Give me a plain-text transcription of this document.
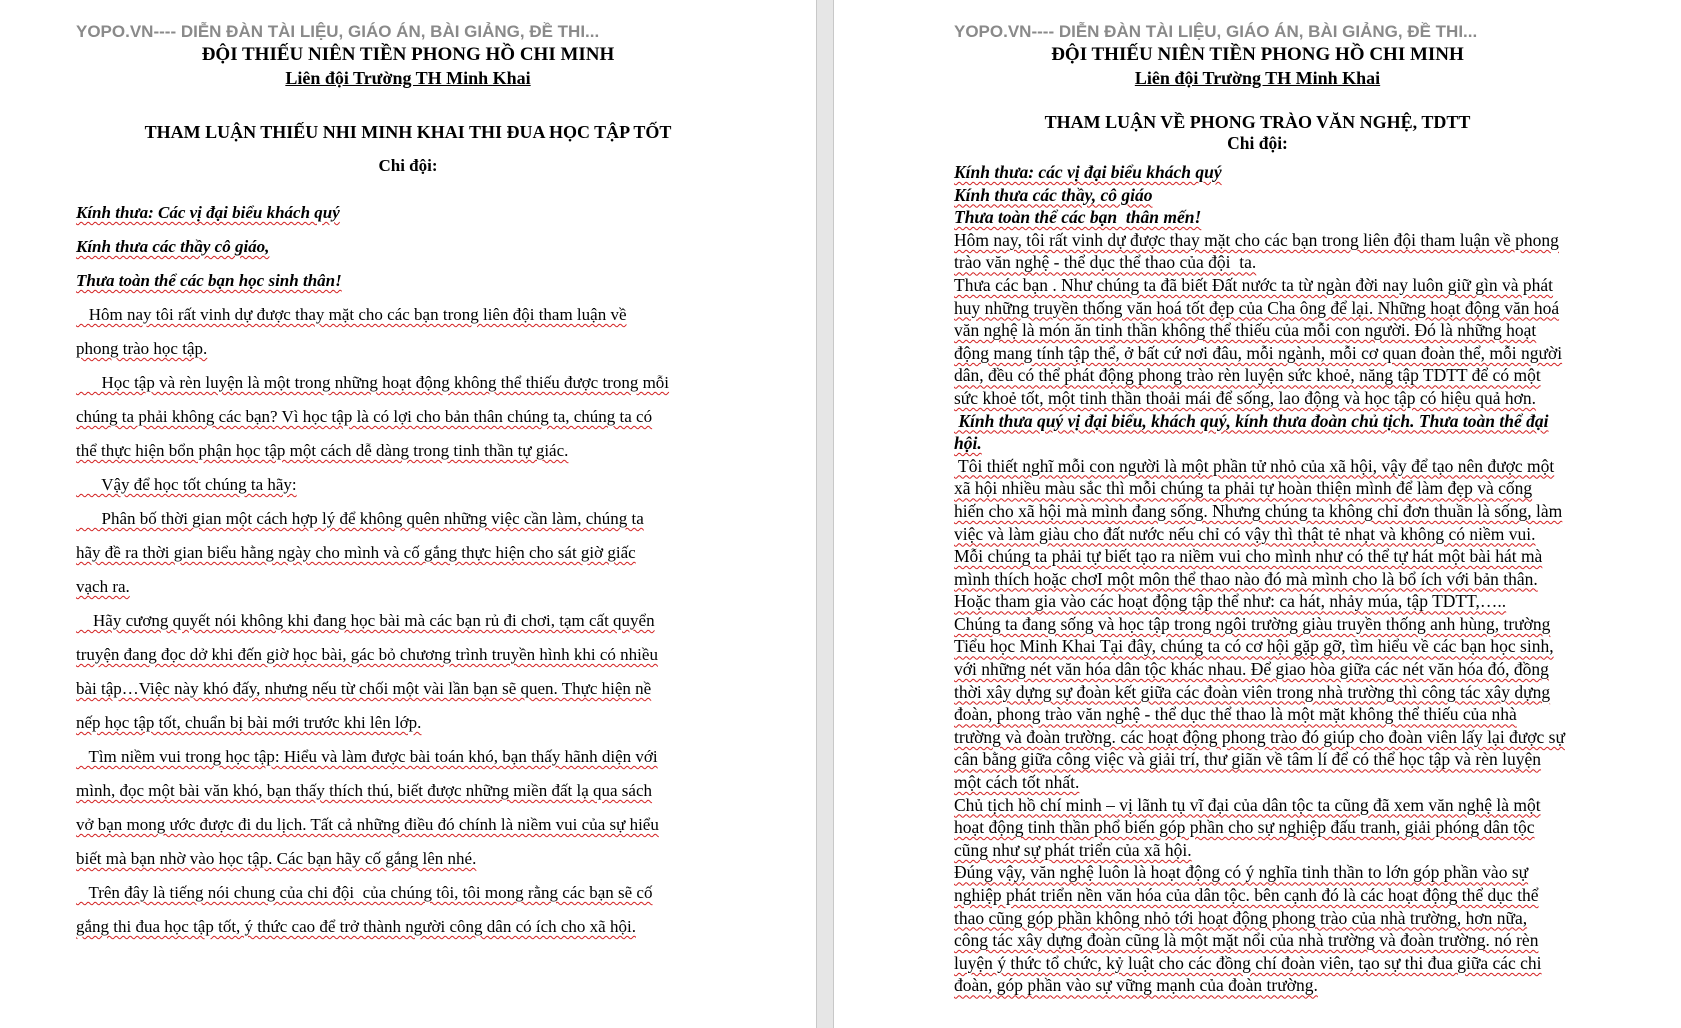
YOPO.VN---- DIỄN ĐÀN TÀI LIỆU, GIÁO ÁN, BÀI GIẢNG, ĐỀ THI...
ĐỘI THIẾU NIÊN TIỀN PHONG HỒ CHI MINH
Liên đội Trường TH Minh Khai
THAM LUẬN THIẾU NHI MINH KHAI THI ĐUA HỌC TẬP TỐT
Chi đội:
Kính thưa: Các vị đại biểu khách quý
Kính thưa các thầy cô giáo,
Thưa toàn thể các bạn học sinh thân!
Hôm nay tôi rất vinh dự được thay mặt cho các bạn trong liên đội tham luận về
phong trào học tập.
Học tập và rèn luyện là một trong những hoạt động không thể thiếu được trong mỗi
chúng ta phải không các bạn? Vì học tập là có lợi cho bản thân chúng ta, chúng ta có
thể thực hiện bổn phận học tập một cách dễ dàng trong tinh thần tự giác.
Vậy để học tốt chúng ta hãy:
Phân bố thời gian một cách hợp lý để không quên những việc cần làm, chúng ta
hãy đề ra thời gian biểu hằng ngày cho mình và cố gắng thực hiện cho sát giờ giấc
vạch ra.
Hãy cương quyết nói không khi đang học bài mà các bạn rủ đi chơi, tạm cất quyển
truyện đang đọc dở khi đến giờ học bài, gác bỏ chương trình truyền hình khi có nhiều
bài tập…Việc này khó đấy, nhưng nếu từ chối một vài lần bạn sẽ quen. Thực hiện nề
nếp học tập tốt, chuẩn bị bài mới trước khi lên lớp.
Tìm niềm vui trong học tập: Hiểu và làm được bài toán khó, bạn thấy hãnh diện với
mình, đọc một bài văn khó, bạn thấy thích thú, biết được những miền đất lạ qua sách
vở bạn mong ước được đi du lịch. Tất cả những điều đó chính là niềm vui của sự hiểu
biết mà bạn nhờ vào học tập. Các bạn hãy cố gắng lên nhé.
Trên đây là tiếng nói chung của chi đội  của chúng tôi, tôi mong rằng các bạn sẽ cố
gắng thi đua học tập tốt, ý thức cao để trở thành người công dân có ích cho xã hội.
YOPO.VN---- DIỄN ĐÀN TÀI LIỆU, GIÁO ÁN, BÀI GIẢNG, ĐỀ THI...
ĐỘI THIẾU NIÊN TIỀN PHONG HỒ CHI MINH
Liên đội Trường TH Minh Khai
THAM LUẬN VỀ PHONG TRÀO VĂN NGHỆ, TDTT
Chi đội:
Kính thưa: các vị đại biểu khách quý
Kính thưa các thầy, cô giáo
Thưa toàn thể các bạn  thân mến!
Hôm nay, tôi rất vinh dự được thay mặt cho các bạn trong liên đội tham luận về phong
trào văn nghệ - thể dục thể thao của đội  ta.
Thưa các bạn . Như chúng ta đã biết Đất nước ta từ ngàn đời nay luôn giữ gìn và phát
huy những truyền thống văn hoá tốt đẹp của Cha ông để lại. Những hoạt động văn hoá
văn nghệ là món ăn tinh thần không thể thiếu của mỗi con người. Đó là những hoạt
động mang tính tập thể, ở bất cứ nơi đâu, mỗi ngành, mỗi cơ quan đoàn thể, mỗi người
dân, đều có thể phát động phong trào rèn luyện sức khoẻ, năng tập TDTT để có một
sức khoẻ tốt, một tinh thần thoải mái để sống, lao động và học tập có hiệu quả hơn.
Kính thưa quý vị đại biểu, khách quý, kính thưa đoàn chủ tịch. Thưa toàn thể đại
hội.
Tôi thiết nghĩ mỗi con người là một phần tử nhỏ của xã hội, vậy để tạo nên được một
xã hội nhiều màu sắc thì mỗi chúng ta phải tự hoàn thiện mình để làm đẹp và cống
hiến cho xã hội mà mình đang sống. Nhưng chúng ta không chỉ đơn thuần là sống, làm
việc và làm giàu cho đất nước nếu chỉ có vậy thì thật tẻ nhạt và không có niềm vui.
Mỗi chúng ta phải tự biết tạo ra niềm vui cho mình như có thể tự hát một bài hát mà
mình thích hoặc chơI một môn thể thao nào đó mà mình cho là bổ ích với bản thân.
Hoặc tham gia vào các hoạt động tập thể như: ca hát, nhảy múa, tập TDTT,…..
Chúng ta đang sống và học tập trong ngôi trường giàu truyền thống anh hùng, trường
Tiểu học Minh Khai Tại đây, chúng ta có cơ hội gặp gỡ, tìm hiểu về các bạn học sinh,
với những nét văn hóa dân tộc khác nhau. Để giao hòa giữa các nét văn hóa đó, đồng
thời xây dựng sự đoàn kết giữa các đoàn viên trong nhà trường thì công tác xây dựng
đoàn, phong trào văn nghệ - thể dục thể thao là một mặt không thể thiếu của nhà
trường và đoàn trường. các hoạt động phong trào đó giúp cho đoàn viên lấy lại được sự
cân bằng giữa công việc và giải trí, thư giãn về tâm lí để có thể học tập và rèn luyện
một cách tốt nhất.
Chủ tịch hồ chí minh – vị lãnh tụ vĩ đại của dân tộc ta cũng đã xem văn nghệ là một
hoạt động tinh thần phổ biến góp phần cho sự nghiệp đấu tranh, giải phóng dân tộc
cũng như sự phát triển của xã hội.
Đúng vậy, văn nghệ luôn là hoạt động có ý nghĩa tinh thần to lớn góp phần vào sự
nghiệp phát triển nền văn hóa của dân tộc. bên cạnh đó là các hoạt động thể dục thể
thao cũng góp phần không nhỏ tới hoạt động phong trào của nhà trường, hơn nữa,
công tác xây dựng đoàn cũng là một mặt nổi của nhà trường và đoàn trường. nó rèn
luyện ý thức tổ chức, kỷ luật cho các đồng chí đoàn viên, tạo sự thi đua giữa các chi
đoàn, góp phần vào sự vững mạnh của đoàn trường.
